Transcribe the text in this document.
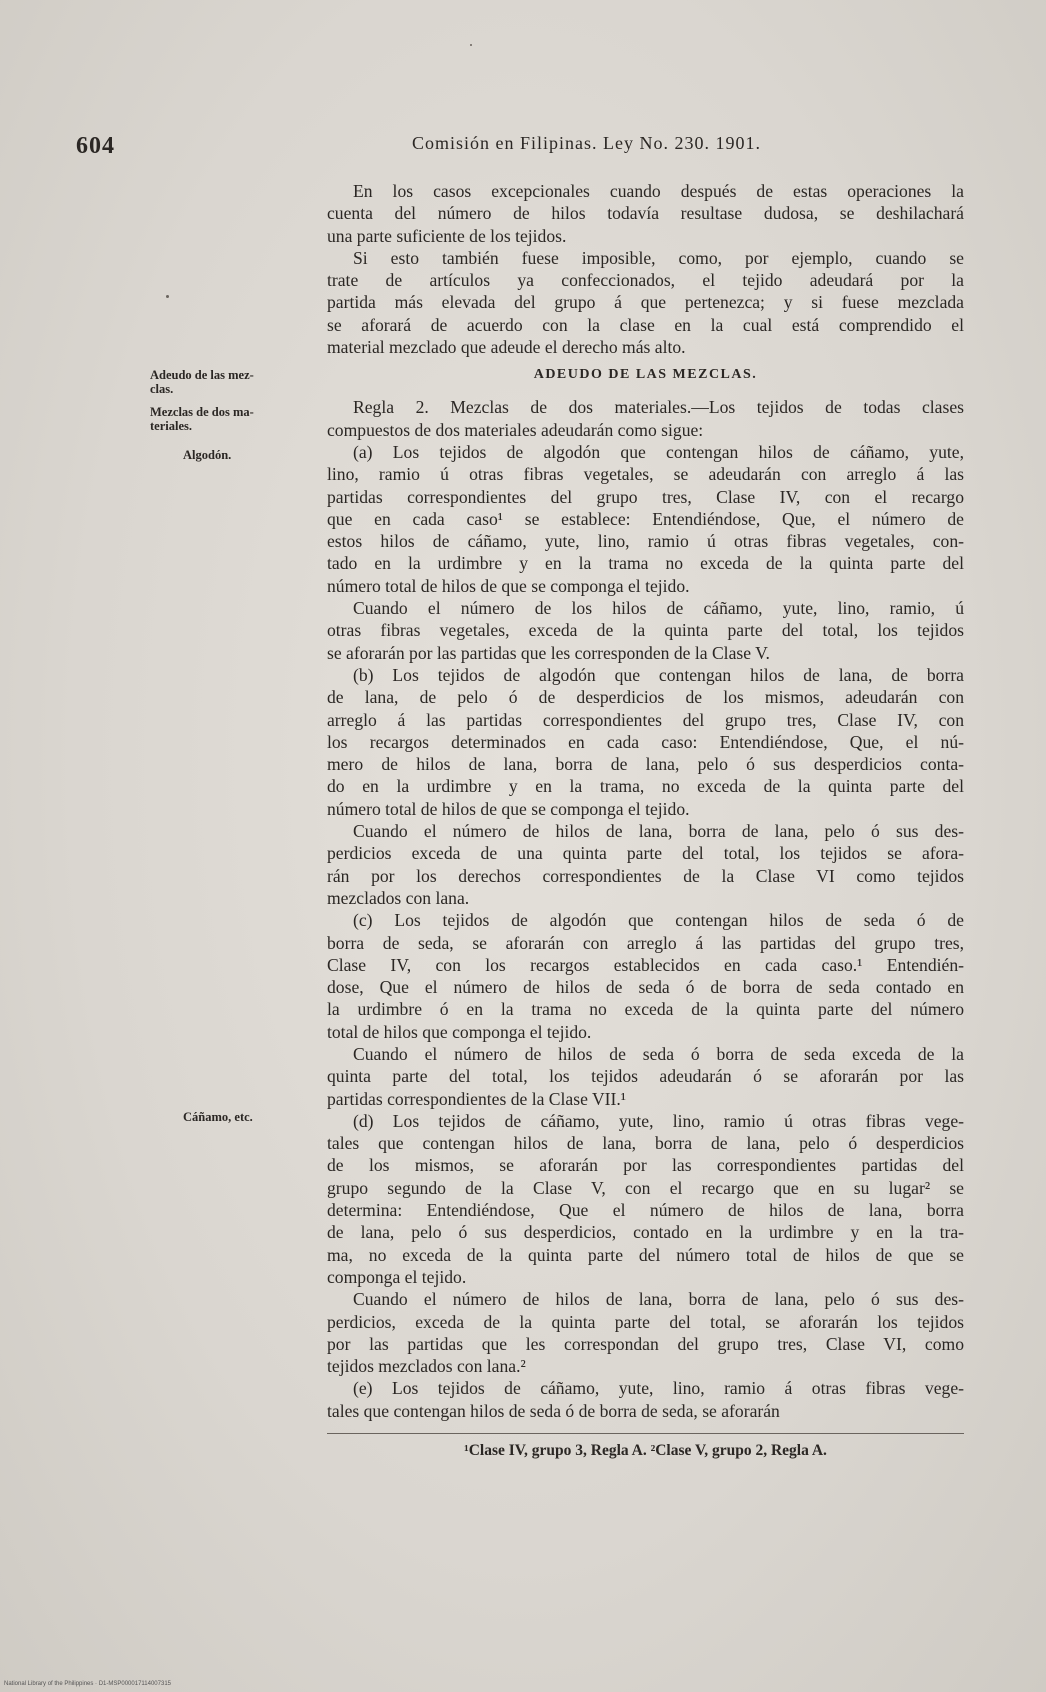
604	Comisión en Filipinas. Ley No. 230. 1901.
Adeudo de las mez-
clas.
Mezclas de dos ma-
teriales.
Algodón.
Cáñamo, etc.
En los casos excepcionales cuando después de estas operaciones la
cuenta del número de hilos todavía resultase dudosa, se deshilachará
una parte suficiente de los tejidos.
Si esto también fuese imposible, como, por ejemplo, cuando se
trate de artículos ya confeccionados, el tejido adeudará por la
partida más elevada del grupo á que pertenezca; y si fuese mezclada
se aforará de acuerdo con la clase en la cual está comprendido el
material mezclado que adeude el derecho más alto.
ADEUDO DE LAS MEZCLAS.
Regla 2. Mezclas de dos materiales.—Los tejidos de todas clases
compuestos de dos materiales adeudarán como sigue:
(a) Los tejidos de algodón que contengan hilos de cáñamo, yute,
lino, ramio ú otras fibras vegetales, se adeudarán con arreglo á las
partidas correspondientes del grupo tres, Clase IV, con el recargo
que en cada caso¹ se establece: Entendiéndose, Que, el número de
estos hilos de cáñamo, yute, lino, ramio ú otras fibras vegetales, con-
tado en la urdimbre y en la trama no exceda de la quinta parte del
número total de hilos de que se componga el tejido.
Cuando el número de los hilos de cáñamo, yute, lino, ramio, ú
otras fibras vegetales, exceda de la quinta parte del total, los tejidos
se aforarán por las partidas que les corresponden de la Clase V.
(b) Los tejidos de algodón que contengan hilos de lana, de borra
de lana, de pelo ó de desperdicios de los mismos, adeudarán con
arreglo á las partidas correspondientes del grupo tres, Clase IV, con
los recargos determinados en cada caso: Entendiéndose, Que, el nú-
mero de hilos de lana, borra de lana, pelo ó sus desperdicios conta-
do en la urdimbre y en la trama, no exceda de la quinta parte del
número total de hilos de que se componga el tejido.
Cuando el número de hilos de lana, borra de lana, pelo ó sus des-
perdicios exceda de una quinta parte del total, los tejidos se afora-
rán por los derechos correspondientes de la Clase VI como tejidos
mezclados con lana.
(c) Los tejidos de algodón que contengan hilos de seda ó de
borra de seda, se aforarán con arreglo á las partidas del grupo tres,
Clase IV, con los recargos establecidos en cada caso.¹ Entendién-
dose, Que el número de hilos de seda ó de borra de seda contado en
la urdimbre ó en la trama no exceda de la quinta parte del número
total de hilos que componga el tejido.
Cuando el número de hilos de seda ó borra de seda exceda de la
quinta parte del total, los tejidos adeudarán ó se aforarán por las
partidas correspondientes de la Clase VII.¹
(d) Los tejidos de cáñamo, yute, lino, ramio ú otras fibras vege-
tales que contengan hilos de lana, borra de lana, pelo ó desperdicios
de los mismos, se aforarán por las correspondientes partidas del
grupo segundo de la Clase V, con el recargo que en su lugar² se
determina: Entendiéndose, Que el número de hilos de lana, borra
de lana, pelo ó sus desperdicios, contado en la urdimbre y en la tra-
ma, no exceda de la quinta parte del número total de hilos de que se
componga el tejido.
Cuando el número de hilos de lana, borra de lana, pelo ó sus des-
perdicios, exceda de la quinta parte del total, se aforarán los tejidos
por las partidas que les correspondan del grupo tres, Clase VI, como
tejidos mezclados con lana.²
(e) Los tejidos de cáñamo, yute, lino, ramio á otras fibras vege-
tales que contengan hilos de seda ó de borra de seda, se aforarán
¹Clase IV, grupo 3, Regla A. ²Clase V, grupo 2, Regla A.
National Library of the Philippines · D1-MSP000017114007315
